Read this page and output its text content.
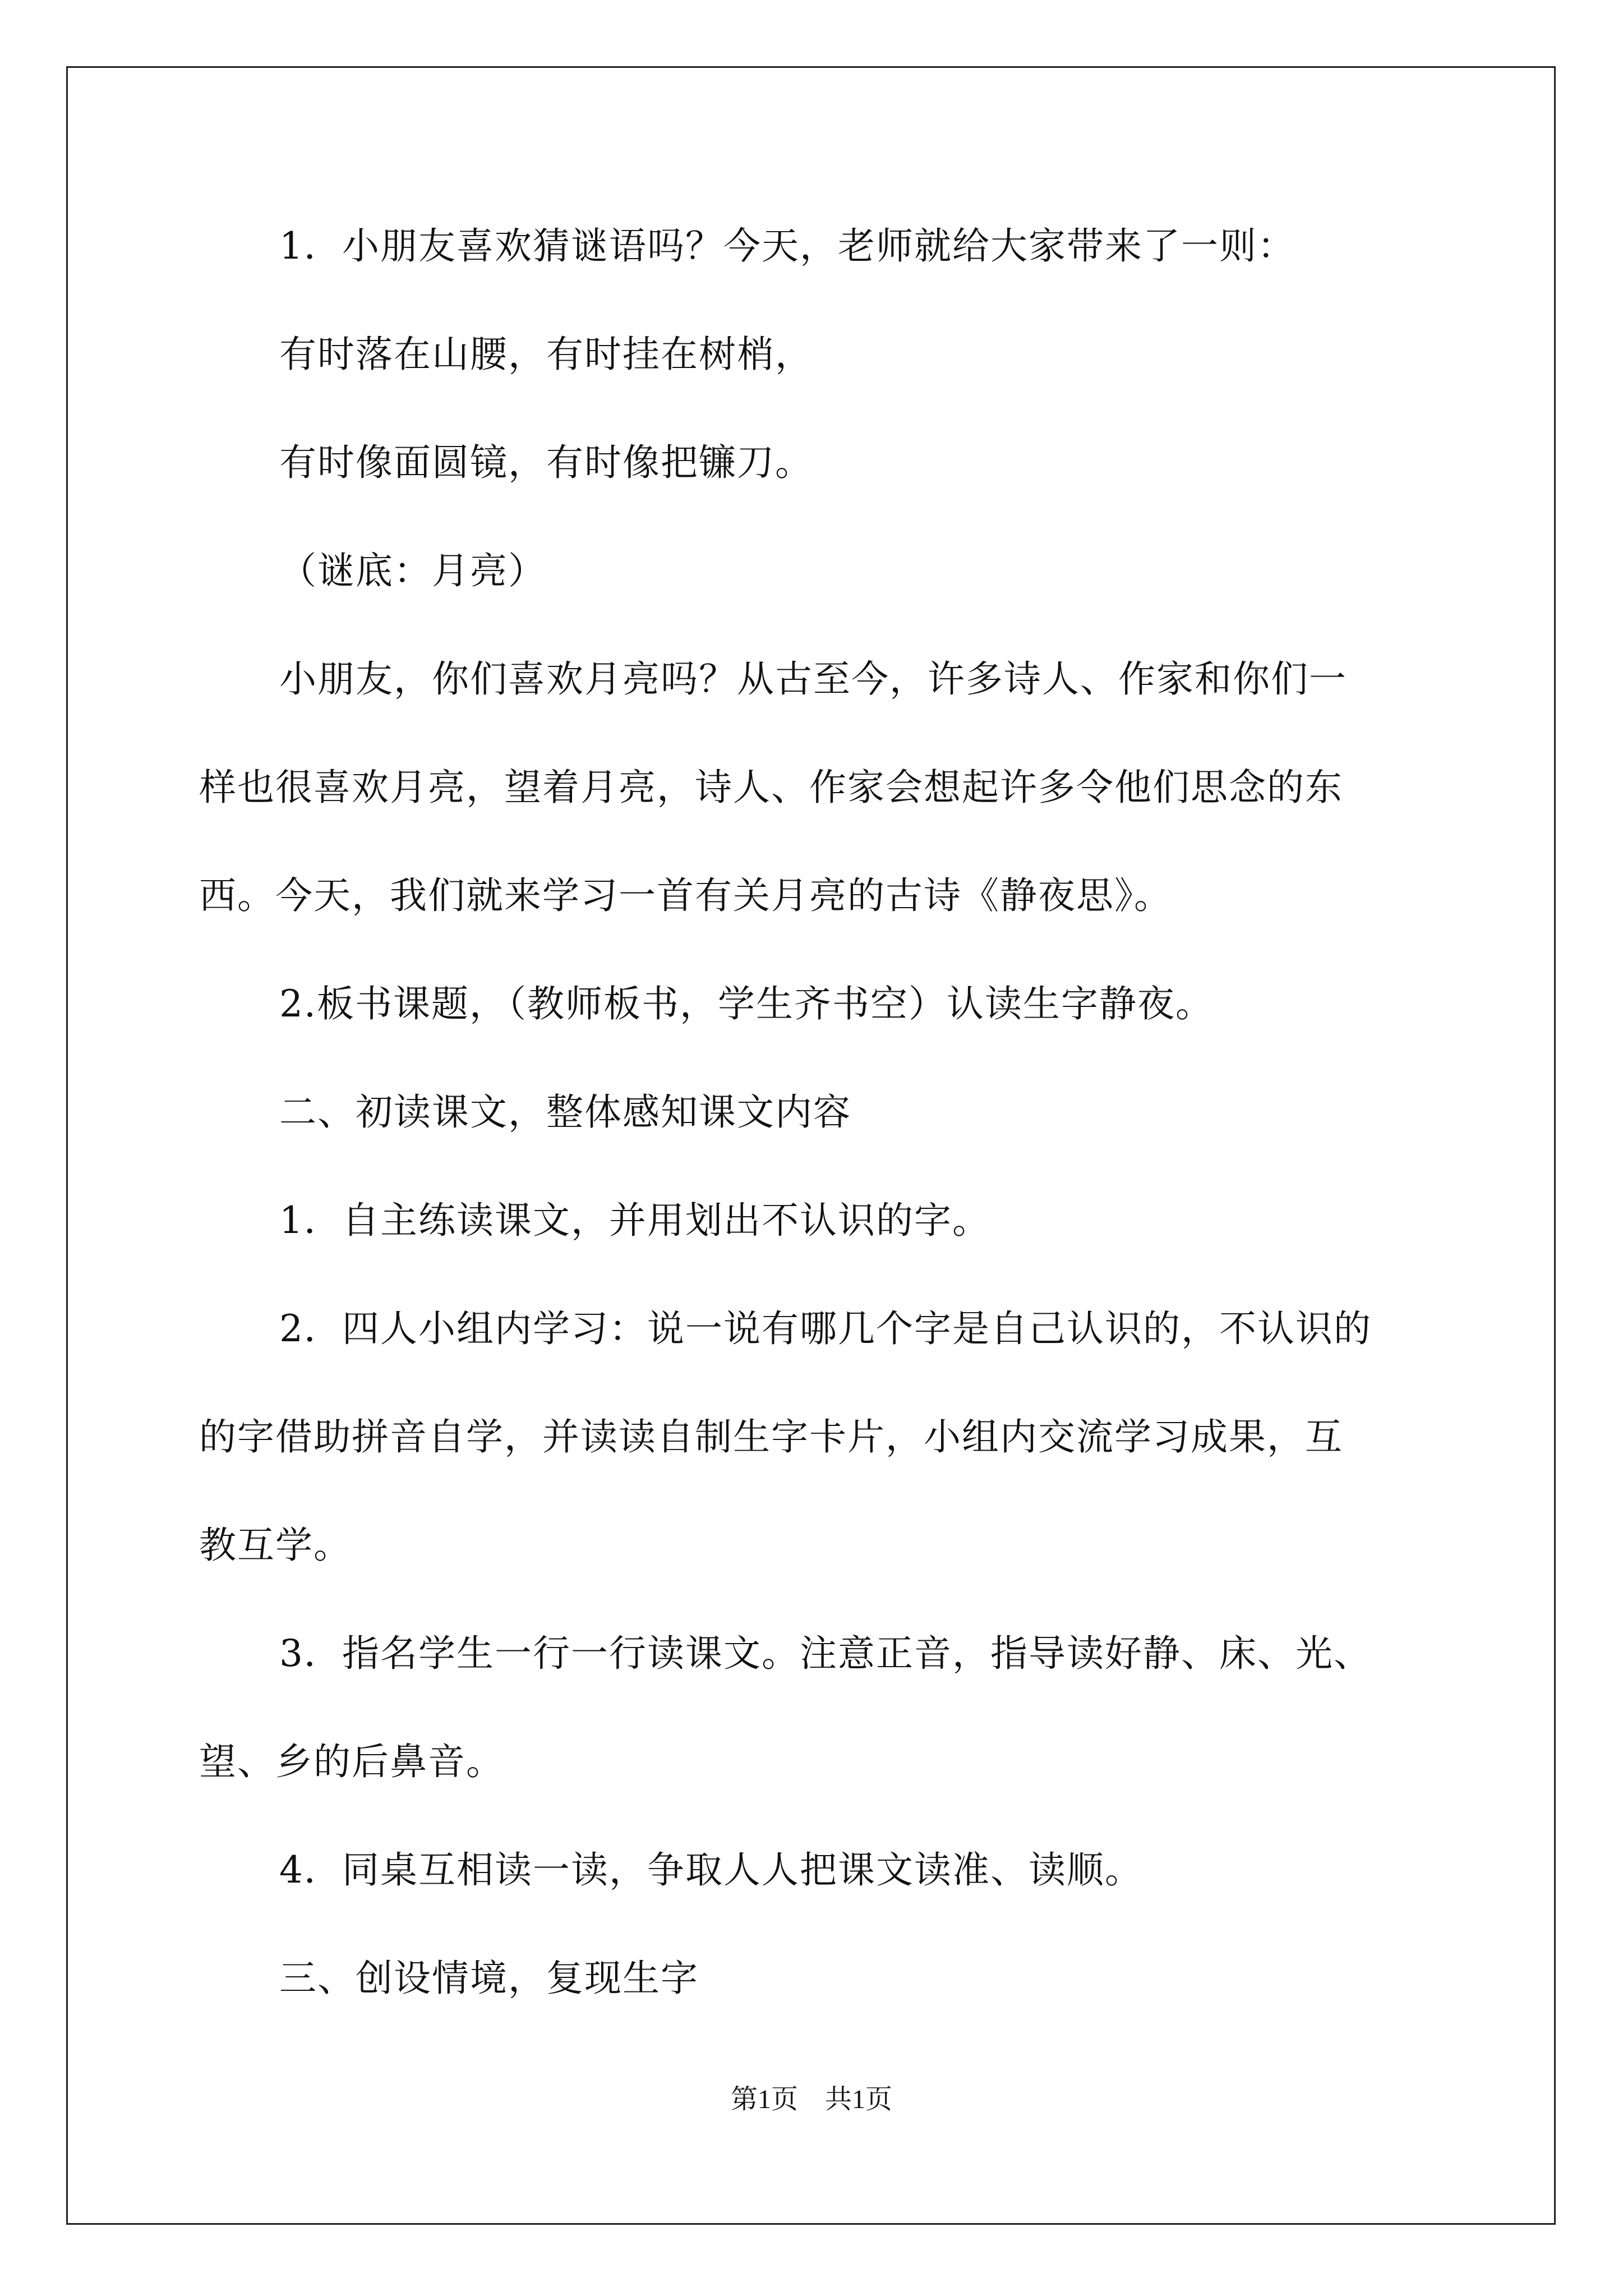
1．小朋友喜欢猜谜语吗？今天，老师就给大家带来了一则：

有时落在山腰，有时挂在树梢，

有时像面圆镜，有时像把镰刀。

（谜底：月亮）

小朋友，你们喜欢月亮吗？从古至今，许多诗人、作家和你们一

样也很喜欢月亮，望着月亮，诗人、作家会想起许多令他们思念的东

西。今天，我们就来学习一首有关月亮的古诗《静夜思》。

2.板书课题，（教师板书，学生齐书空）认读生字静夜。

二、初读课文，整体感知课文内容

1．自主练读课文，并用划出不认识的字。

2．四人小组内学习：说一说有哪几个字是自己认识的，不认识的

的字借助拼音自学，并读读自制生字卡片，小组内交流学习成果，互

教互学。

3．指名学生一行一行读课文。注意正音，指导读好静、床、光、

望、乡的后鼻音。

4．同桌互相读一读，争取人人把课文读准、读顺。

三、创设情境，复现生字

第1页 共1页
